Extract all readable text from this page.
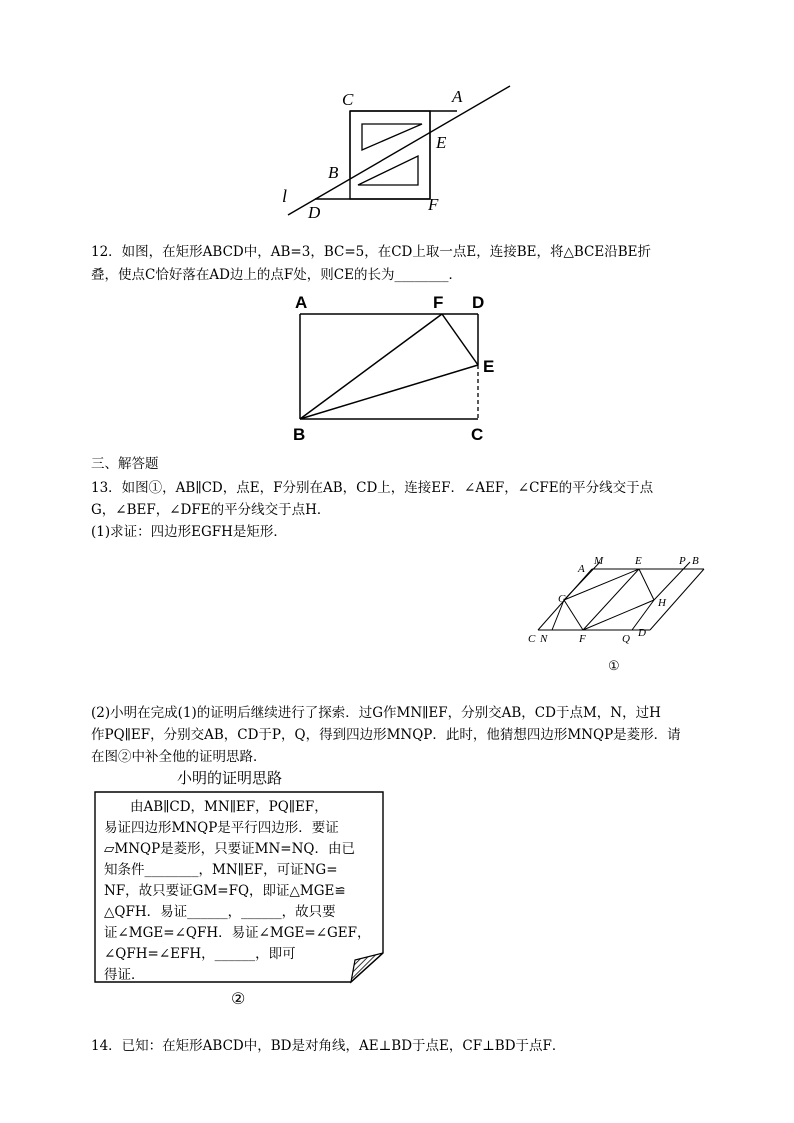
C	A
E
B
l
D	F
12．如图，在矩形ABCD中，AB=3，BC=5，在CD上取一点E，连接BE，将△BCE沿BE折
叠，使点C恰好落在AD边上的点F处，则CE的长为________．
A	F D
E
B	C
三、解答题
13．如图①，AB∥CD，点E，F分别在AB，CD上，连接EF．∠AEF，∠CFE的平分线交于点
G，∠BEF，∠DFE的平分线交于点H．
(1)求证：四边形EGFH是矩形．
A
M	E	P B
G	H
C N	F	Q D
①
(2)小明在完成(1)的证明后继续进行了探索．过G作MN∥EF，分别交AB，CD于点M，N，过H
作PQ∥EF，分别交AB，CD于P，Q，得到四边形MNQP．此时，他猜想四边形MNQP是菱形．请
在图②中补全他的证明思路．
小明的证明思路
由AB∥CD，MN∥EF，PQ∥EF，
易证四边形MNQP是平行四边形．要证
▱MNQP是菱形，只要证MN=NQ．由已
知条件________，MN∥EF，可证NG=
NF，故只要证GM=FQ，即证△MGE≌
△QFH．易证______，______，故只要
证∠MGE=∠QFH．易证∠MGE=∠GEF，
∠QFH=∠EFH，______，即可
得证．
②
14．已知：在矩形ABCD中，BD是对角线，AE⊥BD于点E，CF⊥BD于点F．
